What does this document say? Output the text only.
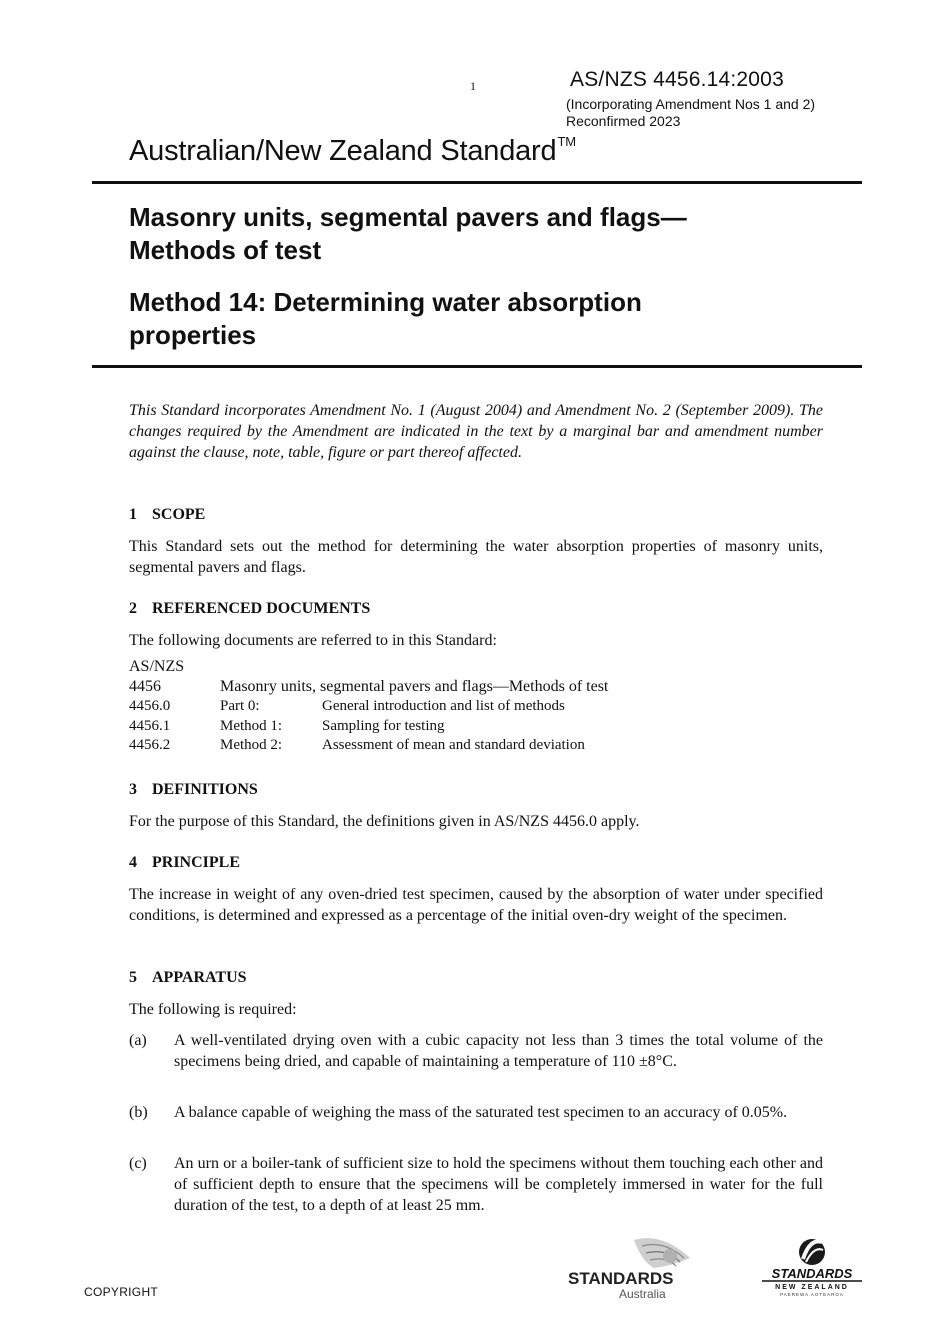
1	AS/NZS 4456.14:2003
(Incorporating Amendment Nos 1 and 2)
Reconfirmed 2023
Australian/New Zealand Standard™
Masonry units, segmental pavers and flags—
Methods of test
Method 14: Determining water absorption
properties
This Standard incorporates Amendment No. 1 (August 2004) and Amendment No. 2 (September 2009). The changes required by the Amendment are indicated in the text by a marginal bar and amendment number against the clause, note, table, figure or part thereof affected.
1 SCOPE
This Standard sets out the method for determining the water absorption properties of masonry units, segmental pavers and flags.
2 REFERENCED DOCUMENTS
The following documents are referred to in this Standard:
AS/NZS
4456	Masonry units, segmental pavers and flags—Methods of test
4456.0	Part 0:	General introduction and list of methods
4456.1	Method 1:	Sampling for testing
4456.2	Method 2:	Assessment of mean and standard deviation
3 DEFINITIONS
For the purpose of this Standard, the definitions given in AS/NZS 4456.0 apply.
4 PRINCIPLE
The increase in weight of any oven-dried test specimen, caused by the absorption of water under specified conditions, is determined and expressed as a percentage of the initial oven-dry weight of the specimen.
5 APPARATUS
The following is required:
(a) A well-ventilated drying oven with a cubic capacity not less than 3 times the total volume of the specimens being dried, and capable of maintaining a temperature of 110 ±8°C.
(b) A balance capable of weighing the mass of the saturated test specimen to an accuracy of 0.05%.
(c) An urn or a boiler-tank of sufficient size to hold the specimens without them touching each other and of sufficient depth to ensure that the specimens will be completely immersed in water for the full duration of the test, to a depth of at least 25 mm.
COPYRIGHT
STANDARDS
Australia
STANDARDS
NEW ZEALAND
PAEREWA AOTEAROA
